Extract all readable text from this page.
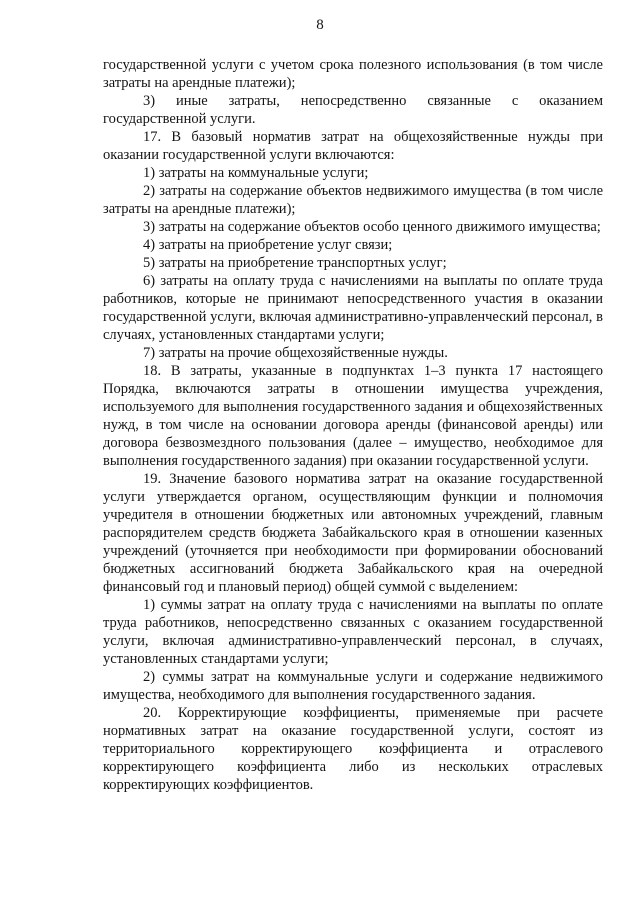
8

государственной услуги с учетом срока полезного использования (в том числе затраты на арендные платежи);

3) иные затраты, непосредственно связанные с оказанием государственной услуги.

17. В базовый норматив затрат на общехозяйственные нужды при оказании государственной услуги включаются:

1) затраты на коммунальные услуги;

2) затраты на содержание объектов недвижимого имущества (в том числе затраты на арендные платежи);

3) затраты на содержание объектов особо ценного движимого имущества;

4) затраты на приобретение услуг связи;

5) затраты на приобретение транспортных услуг;

6) затраты на оплату труда с начислениями на выплаты по оплате труда работников, которые не принимают непосредственного участия в оказании государственной услуги, включая административно-управленческий персонал, в случаях, установленных стандартами услуги;

7) затраты на прочие общехозяйственные нужды.

18. В затраты, указанные в подпунктах 1–3 пункта 17 настоящего Порядка, включаются затраты в отношении имущества учреждения, используемого для выполнения государственного задания и общехозяйственных нужд, в том числе на основании договора аренды (финансовой аренды) или договора безвозмездного пользования (далее – имущество, необходимое для выполнения государственного задания) при оказании государственной услуги.

19. Значение базового норматива затрат на оказание государственной услуги утверждается органом, осуществляющим функции и полномочия учредителя в отношении бюджетных или автономных учреждений, главным распорядителем средств бюджета Забайкальского края в отношении казенных учреждений (уточняется при необходимости при формировании обоснований бюджетных ассигнований бюджета Забайкальского края на очередной финансовый год и плановый период) общей суммой с выделением:

1) суммы затрат на оплату труда с начислениями на выплаты по оплате труда работников, непосредственно связанных с оказанием государственной услуги, включая административно-управленческий персонал, в случаях, установленных стандартами услуги;

2) суммы затрат на коммунальные услуги и содержание недвижимого имущества, необходимого для выполнения государственного задания.

20. Корректирующие коэффициенты, применяемые при расчете нормативных затрат на оказание государственной услуги, состоят из территориального корректирующего коэффициента и отраслевого корректирующего коэффициента либо из нескольких отраслевых корректирующих коэффициентов.
